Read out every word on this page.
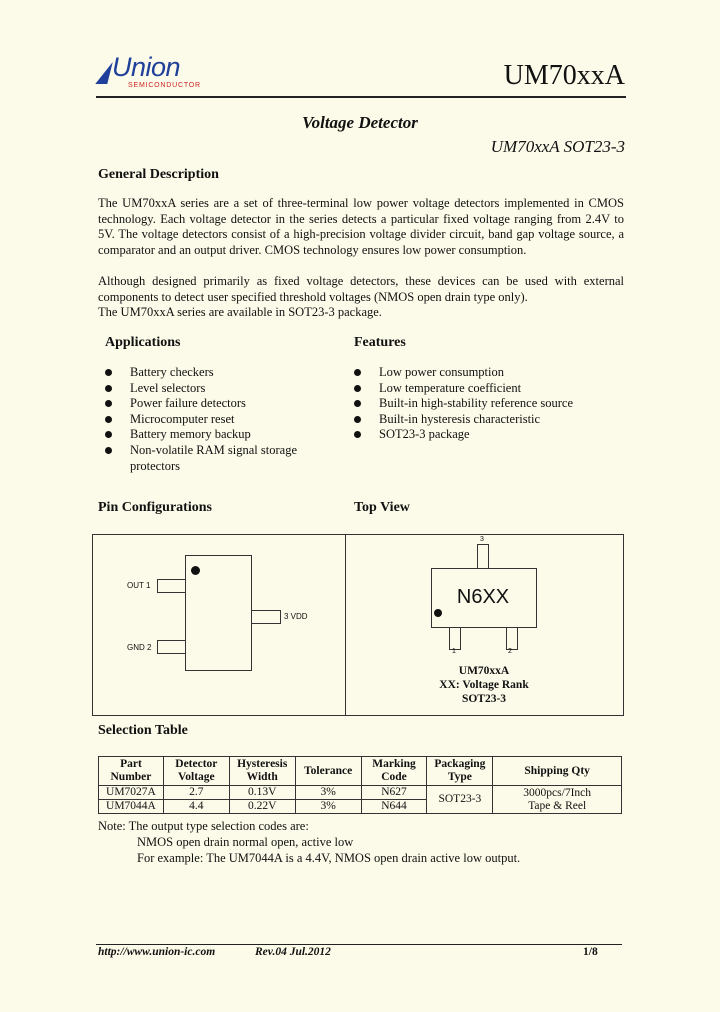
Union
SEMICONDUCTOR	UM70xxA
Voltage Detector
UM70xxA SOT23-3
General Description
The UM70xxA series are a set of three-terminal low power voltage detectors implemented in CMOS technology. Each voltage detector in the series detects a particular fixed voltage ranging from 2.4V to 5V. The voltage detectors consist of a high-precision voltage divider circuit, band gap voltage source, a comparator and an output driver. CMOS technology ensures low power consumption.
Although designed primarily as fixed voltage detectors, these devices can be used with external components to detect user specified threshold voltages (NMOS open drain type only).
The UM70xxA series are available in SOT23-3 package.
Applications
Battery checkers
Level selectors
Power failure detectors
Microcomputer reset
Battery memory backup
Non-volatile RAM signal storage protectors
Features
Low power consumption
Low temperature coefficient
Built-in high-stability reference source
Built-in hysteresis characteristic
SOT23-3 package
Pin Configurations	Top View
OUT 1
GND 2
3 VDD
N6XX
3
1	2
UM70xxA
XX: Voltage Rank
SOT23-3
Selection Table
Part Number	Detector Voltage	Hysteresis Width	Tolerance	Marking Code	Packaging Type	Shipping Qty
UM7027A	2.7	0.13V	3%	N627	SOT23-3	3000pcs/7Inch
Tape & Reel

UM7044A	4.4	0.22V	3%	N644		
Note: The output type selection codes are:
NMOS open drain normal open, active low
For example: The UM7044A is a 4.4V, NMOS open drain active low output.
http://www.union-ic.com	Rev.04 Jul.2012	1/8
